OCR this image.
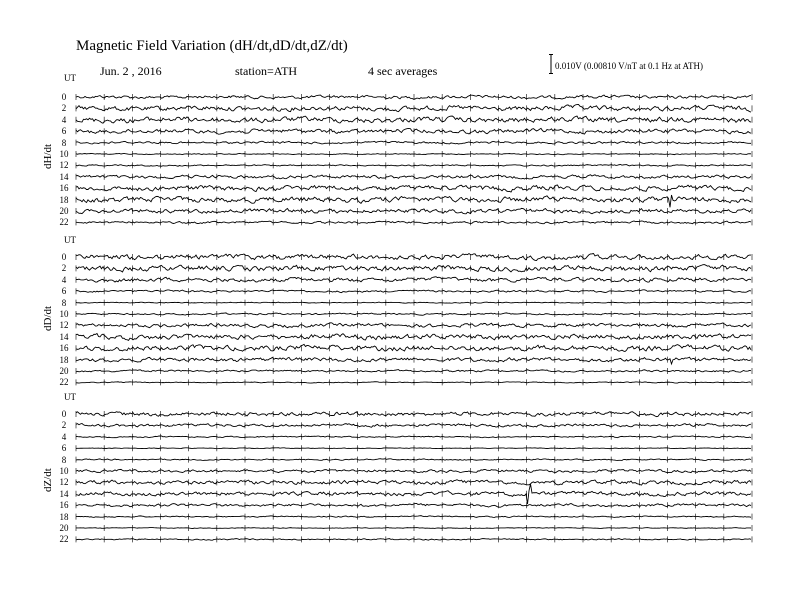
Magnetic Field Variation (dH/dt,dD/dt,dZ/dt)
Jun. 2 , 2016	station=ATH	4 sec averages	0.010V (0.00810 V/nT at 0.1 Hz at ATH)
UT
dH/dt
0
2
4
6
8
10
12
14
16
18
20
22
UT
dD/dt
0
2
4
6
8
10
12
14
16
18
20
22
UT
dZ/dt
0
2
4
6
8
10
12
14
16
18
20
22
